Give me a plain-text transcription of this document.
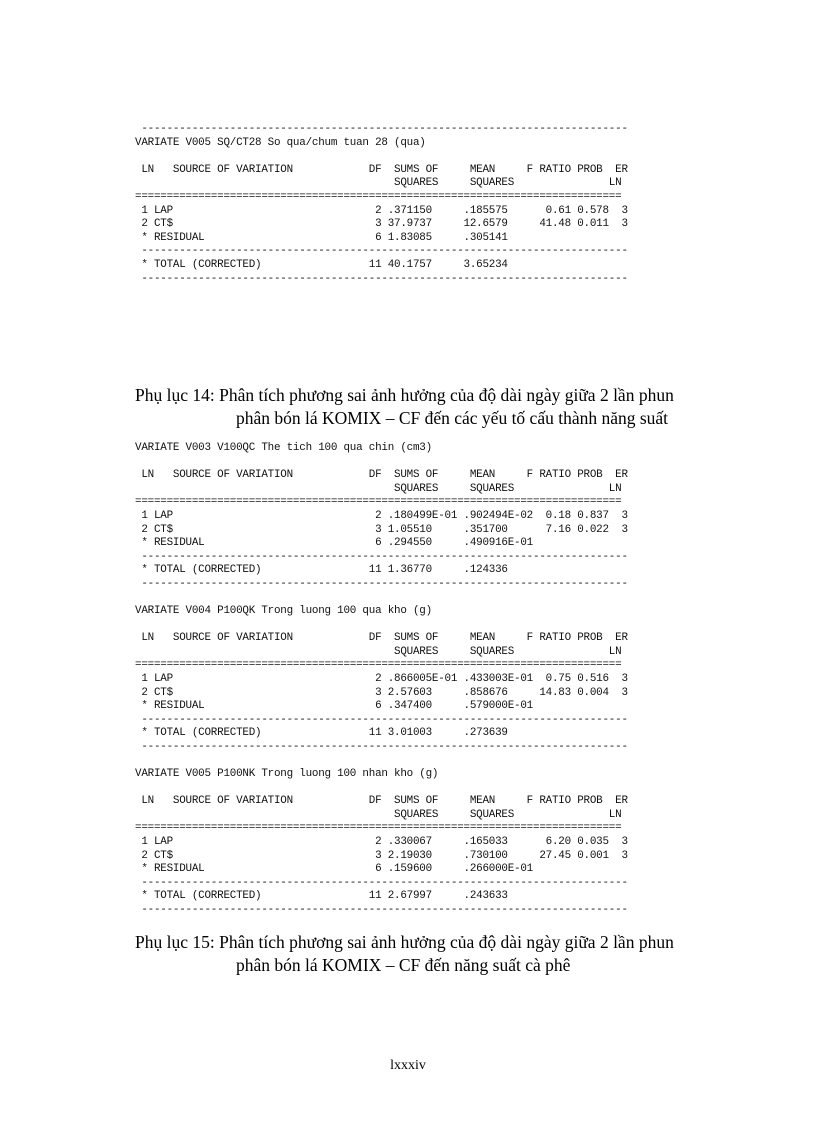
-----------------------------------------------------------------------------
VARIATE V005 SQ/CT28 So qua/chum tuan 28 (qua)

LN   SOURCE OF VARIATION            DF  SUMS OF     MEAN     F RATIO PROB  ER
SQUARES     SQUARES               LN
=============================================================================
1 LAP                                2 .371150     .185575      0.61 0.578  3
2 CT$                                3 37.9737     12.6579     41.48 0.011  3
* RESIDUAL                           6 1.83085     .305141
-----------------------------------------------------------------------------
* TOTAL (CORRECTED)                 11 40.1757     3.65234
-----------------------------------------------------------------------------
Phụ lục 14: Phân tích phương sai ảnh hưởng của độ dài ngày giữa 2 lần phun
phân bón lá KOMIX – CF đến các yếu tố cấu thành năng suất
VARIATE V003 V100QC The tich 100 qua chin (cm3)

LN   SOURCE OF VARIATION            DF  SUMS OF     MEAN     F RATIO PROB  ER
SQUARES     SQUARES               LN
=============================================================================
1 LAP                                2 .180499E-01 .902494E-02  0.18 0.837  3
2 CT$                                3 1.05510     .351700      7.16 0.022  3
* RESIDUAL                           6 .294550     .490916E-01
-----------------------------------------------------------------------------
* TOTAL (CORRECTED)                 11 1.36770     .124336
-----------------------------------------------------------------------------
VARIATE V004 P100QK Trong luong 100 qua kho (g)

LN   SOURCE OF VARIATION            DF  SUMS OF     MEAN     F RATIO PROB  ER
SQUARES     SQUARES               LN
=============================================================================
1 LAP                                2 .866005E-01 .433003E-01  0.75 0.516  3
2 CT$                                3 2.57603     .858676     14.83 0.004  3
* RESIDUAL                           6 .347400     .579000E-01
-----------------------------------------------------------------------------
* TOTAL (CORRECTED)                 11 3.01003     .273639
-----------------------------------------------------------------------------
VARIATE V005 P100NK Trong luong 100 nhan kho (g)

LN   SOURCE OF VARIATION            DF  SUMS OF     MEAN     F RATIO PROB  ER
SQUARES     SQUARES               LN
=============================================================================
1 LAP                                2 .330067     .165033      6.20 0.035  3
2 CT$                                3 2.19030     .730100     27.45 0.001  3
* RESIDUAL                           6 .159600     .266000E-01
-----------------------------------------------------------------------------
* TOTAL (CORRECTED)                 11 2.67997     .243633
-----------------------------------------------------------------------------
Phụ lục 15: Phân tích phương sai ảnh hưởng của độ dài ngày giữa 2 lần phun
phân bón lá KOMIX – CF đến năng suất cà phê
lxxxiv
